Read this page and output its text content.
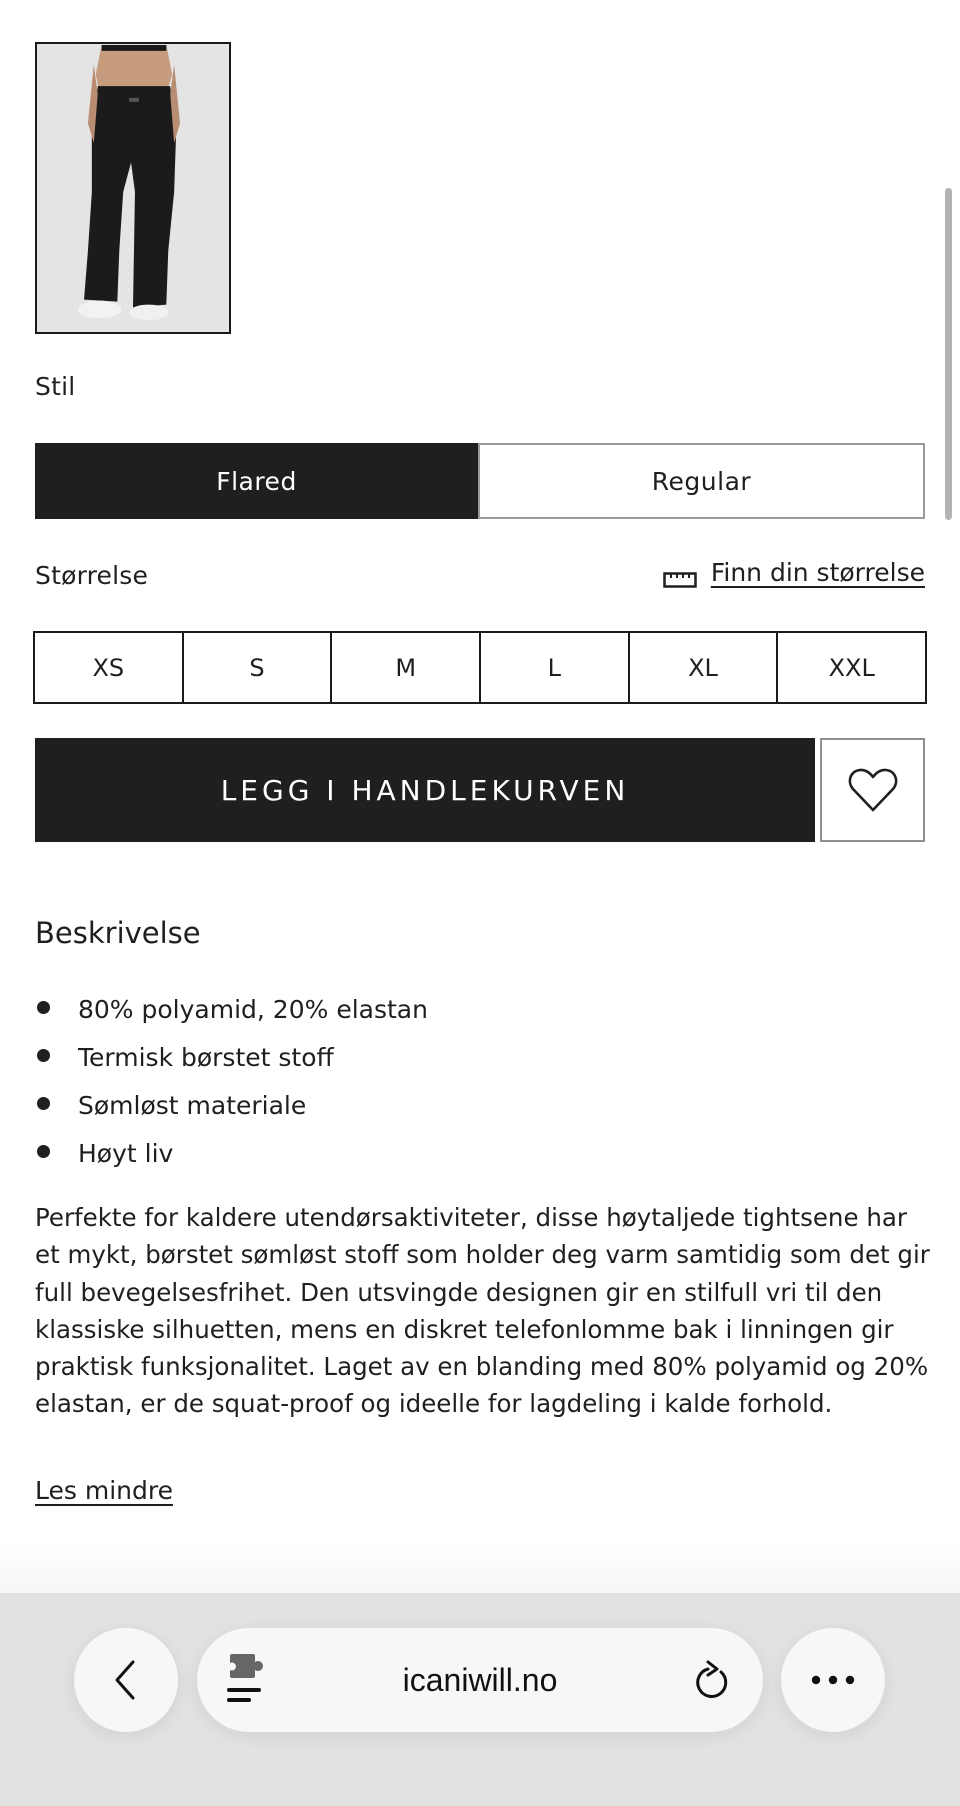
Stil
Flared	Regular
Størrelse	Finn din størrelse
XS	S	M	L	XL	XXL
LEGG I HANDLEKURVEN
Beskrivelse
80% polyamid, 20% elastan
Termisk børstet stoff
Sømløst materiale
Høyt liv

Perfekte for kaldere utendørsaktiviteter, disse høytaljede tightsene har et mykt, børstet sømløst stoff som holder deg varm samtidig som det gir full bevegelsesfrihet. Den utsvingde designen gir en stilfull vri til den klassiske silhuetten, mens en diskret telefonlomme bak i linningen gir praktisk funksjonalitet. Laget av en blanding med 80% polyamid og 20% elastan, er de squat-proof og ideelle for lagdeling i kalde forhold.

Les mindre
icaniwill.no
